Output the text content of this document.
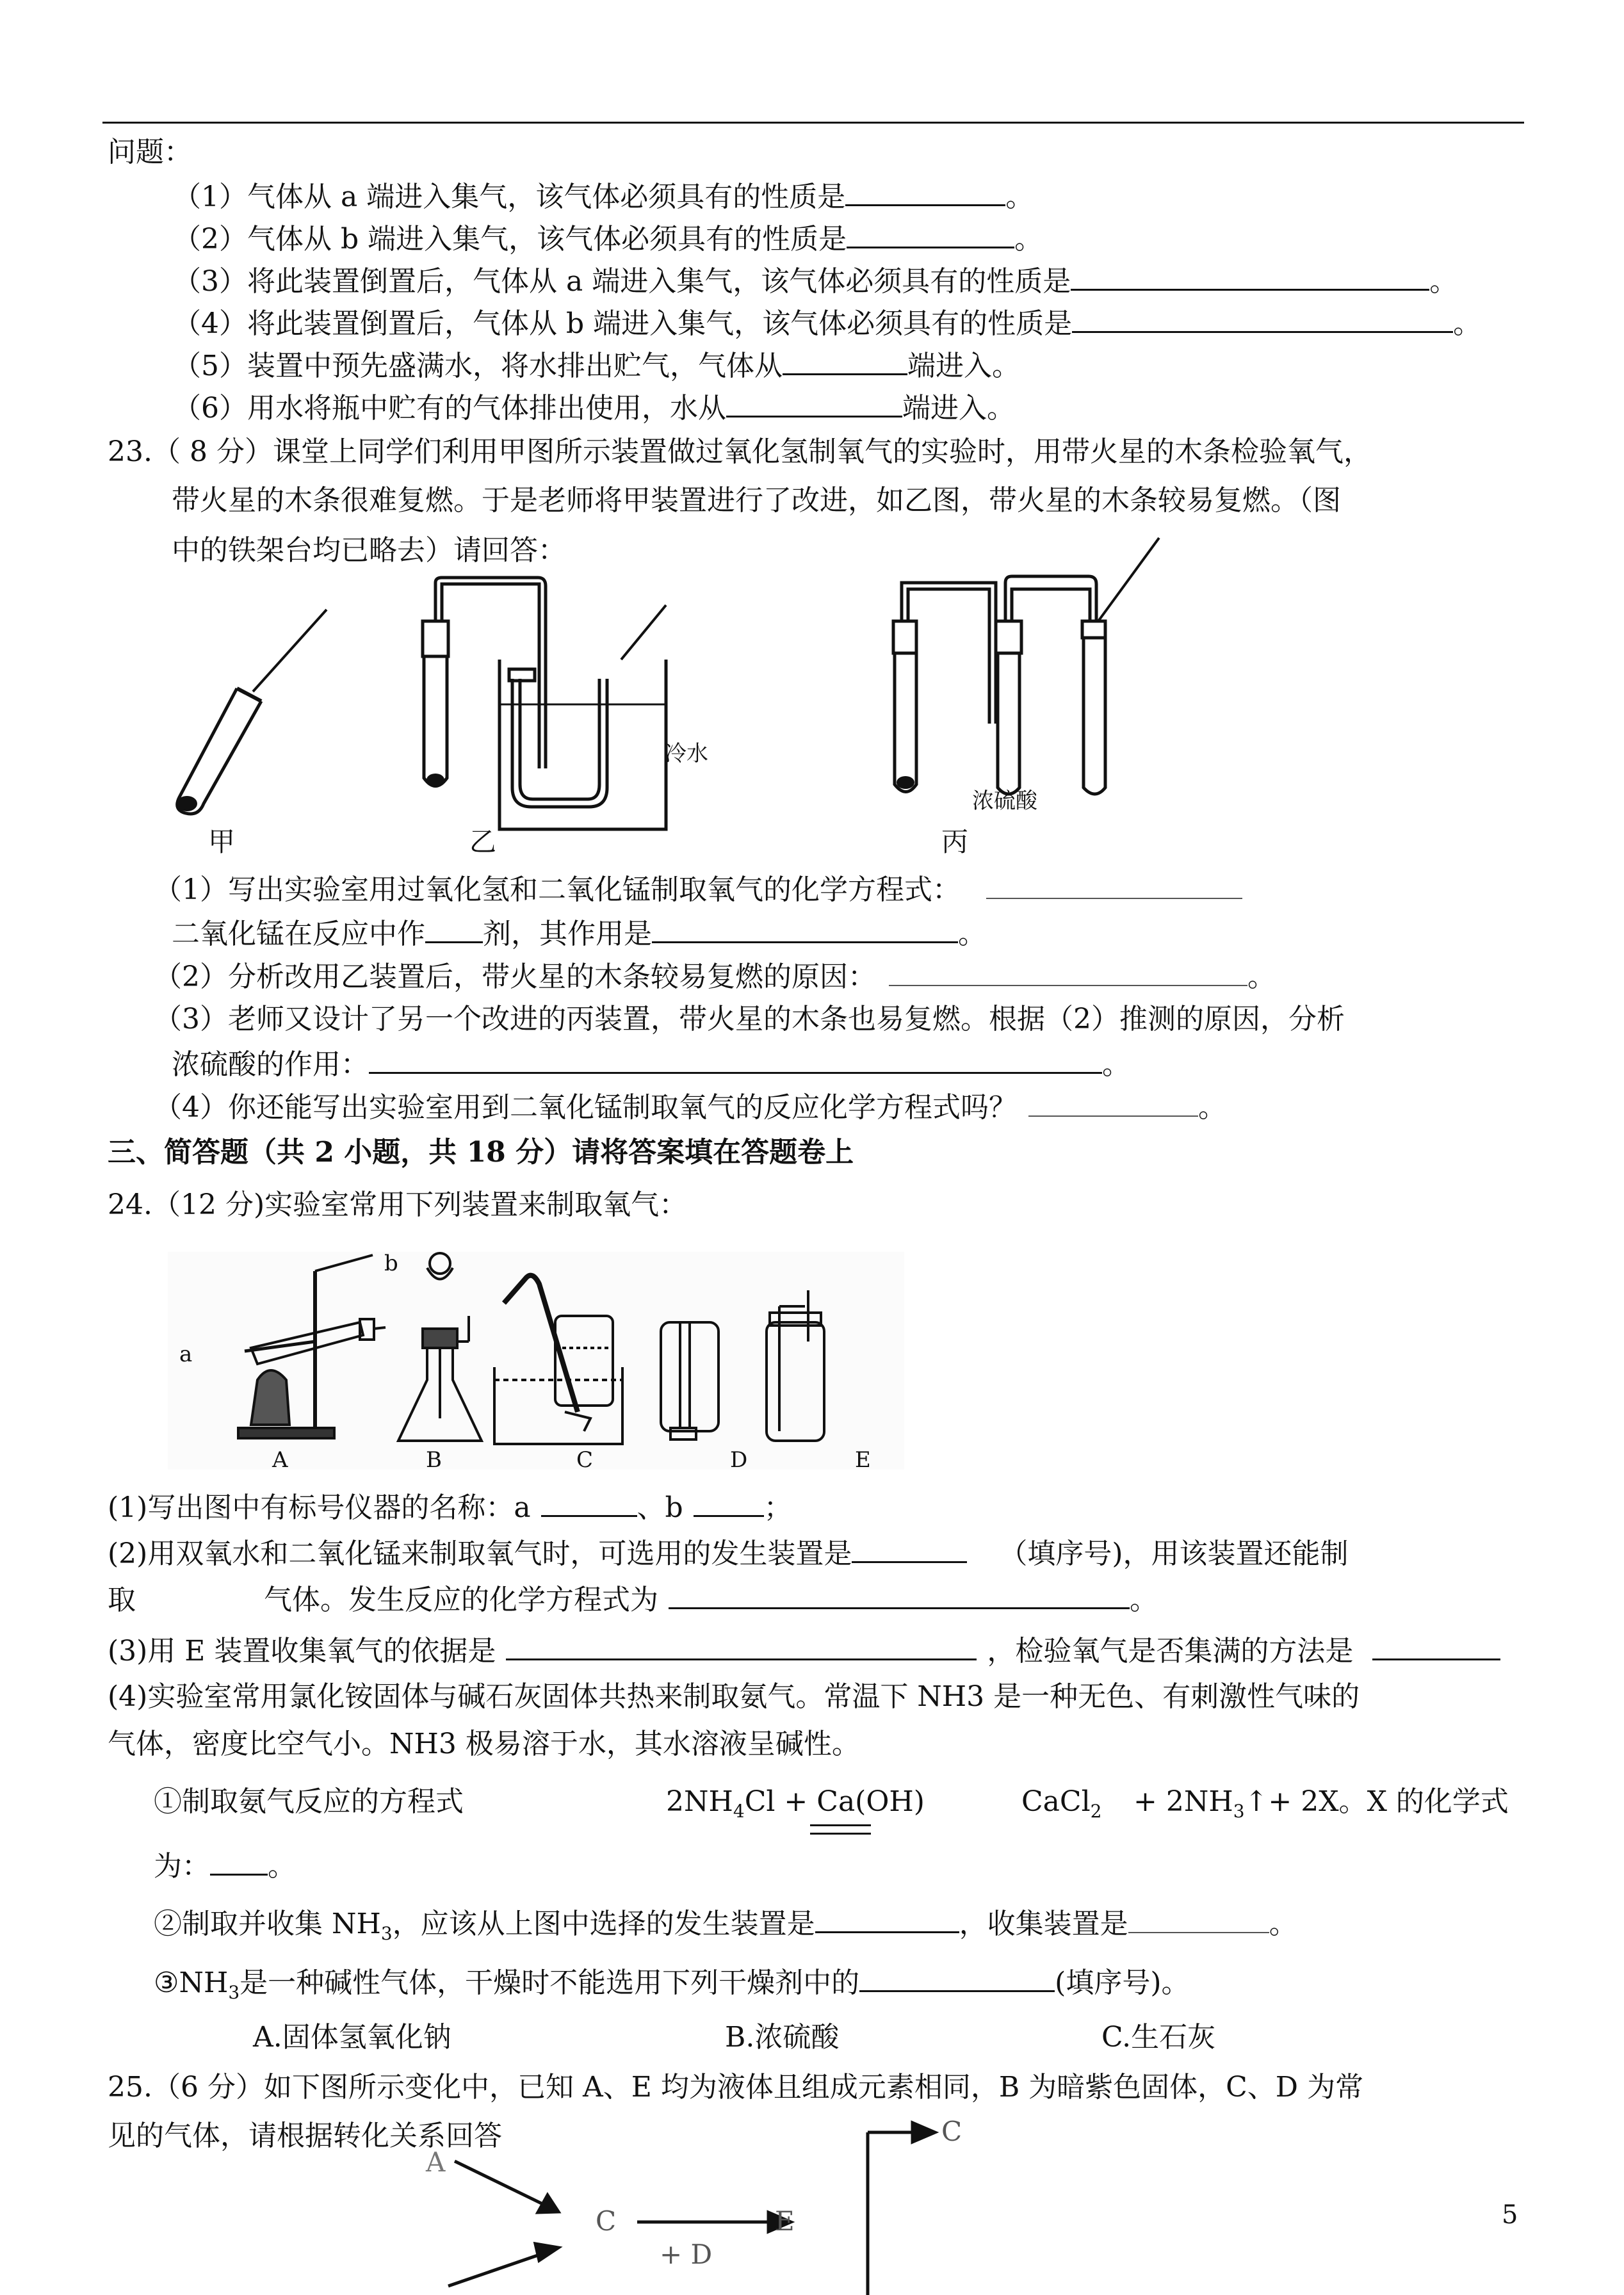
问题：
（1）气体从 a 端进入集气，该气体必须具有的性质是	。
（2）气体从 b 端进入集气，该气体必须具有的性质是	。
（3）将此装置倒置后，气体从 a 端进入集气，该气体必须具有的性质是	。
（4）将此装置倒置后，气体从 b 端进入集气，该气体必须具有的性质是	。
（5）装置中预先盛满水，将水排出贮气，气体从	端进入。
（6）用水将瓶中贮有的气体排出使用，水从	端进入。
23.（ 8 分）课堂上同学们利用甲图所示装置做过氧化氢制氧气的实验时，用带火星的木条检验氧气，
带火星的木条很难复燃。于是老师将甲装置进行了改进，如乙图，带火星的木条较易复燃。（图
中的铁架台均已略去）请回答：
冷水
浓硫酸
甲	乙	丙
（1）写出实验室用过氧化氢和二氧化锰制取氧气的化学方程式：
二氧化锰在反应中作 剂，其作用是	。
（2）分析改用乙装置后，带火星的木条较易复燃的原因：	。
（3）老师又设计了另一个改进的丙装置，带火星的木条也易复燃。根据（2）推测的原因，分析
浓硫酸的作用：	。
（4）你还能写出实验室用到二氧化锰制取氧气的反应化学方程式吗？	。
三、简答题（共 2 小题，共 18 分）请将答案填在答题卷上
24.（12 分)实验室常用下列装置来制取氧气：
a
b
A	B	C	D	E
(1)写出图中有标号仪器的名称：a	、b	；
(2)用双氧水和二氧化锰来制取氧气时，可选用的发生装置是	（填序号)，用该装置还能制
取	气体。发生反应的化学方程式为	。
(3)用 E 装置收集氧气的依据是	，检验氧气是否集满的方法是
(4)实验室常用氯化铵固体与碱石灰固体共热来制取氨气。常温下 NH3 是一种无色、有刺激性气味的
气体，密度比空气小。NH3 极易溶于水，其水溶液呈碱性。
①制取氨气反应的方程式	$2NH_4Cl + Ca(OH)$	CaCl$_2$ + $2NH_3↑+ 2X$。X 的化学式
为： 。
②制取并收集 $NH_3$，应该从上图中选择的发生装置是	，收集装置是	。
$③NH_3$是一种碱性气体，干燥时不能选用下列干燥剂中的	(填序号)。
A.固体氢氧化钠	B.浓硫酸	C.生石灰
25.（6 分）如下图所示变化中，已知 A、E 均为液体且组成元素相同，B 为暗紫色固体，C、D 为常
见的气体，请根据转化关系回答
A
C	E
C
+ D
5
